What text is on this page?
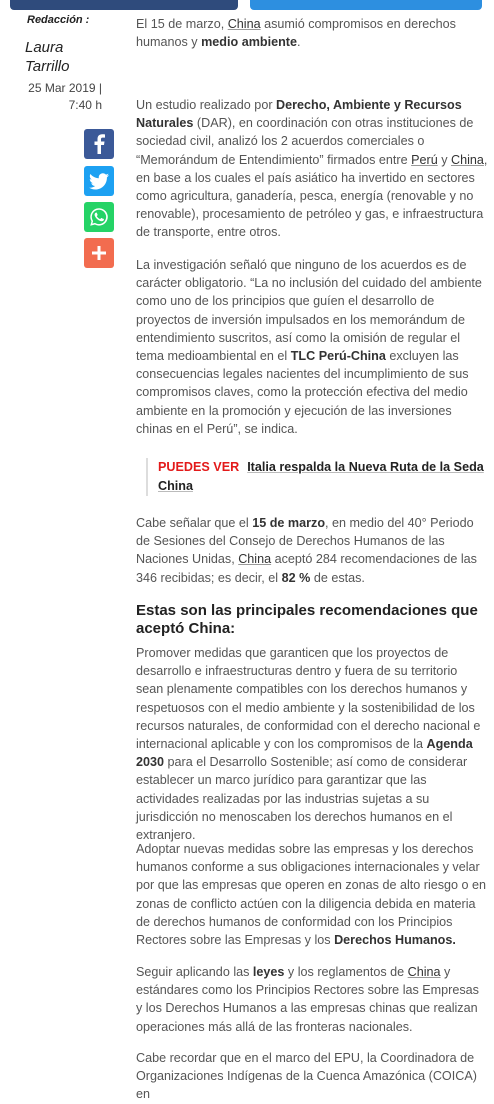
Redacción :
Laura Tarrillo
25 Mar 2019 |
7:40 h

El 15 de marzo, China asumió compromisos en derechos humanos y medio ambiente.

Un estudio realizado por Derecho, Ambiente y Recursos Naturales (DAR), en coordinación con otras instituciones de sociedad civil, analizó los 2 acuerdos comerciales o “Memorándum de Entendimiento” firmados entre Perú y China, en base a los cuales el país asiático ha invertido en sectores como agricultura, ganadería, pesca, energía (renovable y no renovable), procesamiento de petróleo y gas, e infraestructura de transporte, entre otros.

La investigación señaló que ninguno de los acuerdos es de carácter obligatorio. “La no inclusión del cuidado del ambiente como uno de los principios que guíen el desarrollo de proyectos de inversión impulsados en los memorándum de entendimiento suscritos, así como la omisión de regular el tema medioambiental en el TLC Perú-China excluyen las consecuencias legales nacientes del incumplimiento de sus compromisos claves, como la protección efectiva del medio ambiente en la promoción y ejecución de las inversiones chinas en el Perú”, se indica.

PUEDES VER Italia respalda la Nueva Ruta de la Seda China

Cabe señalar que el 15 de marzo, en medio del 40° Periodo de Sesiones del Consejo de Derechos Humanos de las Naciones Unidas, China aceptó 284 recomendaciones de las 346 recibidas; es decir, el 82 % de estas.

Estas son las principales recomendaciones que aceptó China:

Promover medidas que garanticen que los proyectos de desarrollo e infraestructuras dentro y fuera de su territorio sean plenamente compatibles con los derechos humanos y respetuosos con el medio ambiente y la sostenibilidad de los recursos naturales, de conformidad con el derecho nacional e internacional aplicable y con los compromisos de la Agenda 2030 para el Desarrollo Sostenible; así como de considerar establecer un marco jurídico para garantizar que las actividades realizadas por las industrias sujetas a su jurisdicción no menoscaben los derechos humanos en el extranjero.

Adoptar nuevas medidas sobre las empresas y los derechos humanos conforme a sus obligaciones internacionales y velar por que las empresas que operen en zonas de alto riesgo o en zonas de conflicto actúen con la diligencia debida en materia de derechos humanos de conformidad con los Principios Rectores sobre las Empresas y los Derechos Humanos.

Seguir aplicando las leyes y los reglamentos de China y estándares como los Principios Rectores sobre las Empresas y los Derechos Humanos a las empresas chinas que realizan operaciones más allá de las fronteras nacionales.

Cabe recordar que en el marco del EPU, la Coordinadora de Organizaciones Indígenas de la Cuenca Amazónica (COICA) en
